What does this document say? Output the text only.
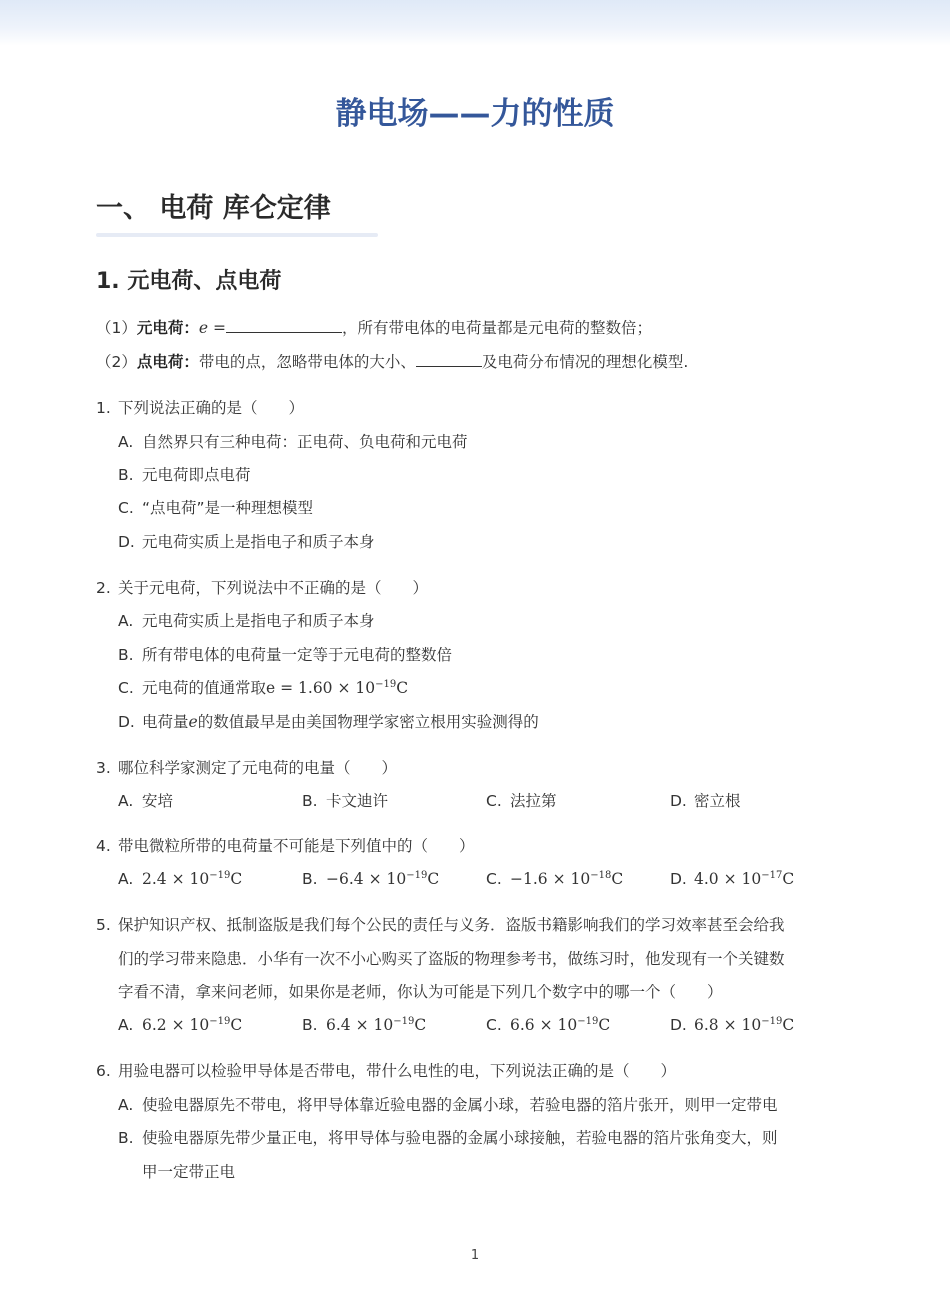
静电场——力的性质
一、 电荷 库仑定律
1. 元电荷、点电荷
（1）元电荷：e =	，所有带电体的电荷量都是元电荷的整数倍；
（2）点电荷：带电的点，忽略带电体的大小、	及电荷分布情况的理想化模型.
1. 下列说法正确的是（　　）
A. 自然界只有三种电荷：正电荷、负电荷和元电荷
B. 元电荷即点电荷
C. “点电荷”是一种理想模型
D. 元电荷实质上是指电子和质子本身
2. 关于元电荷，下列说法中不正确的是（　　）
A. 元电荷实质上是指电子和质子本身
B. 所有带电体的电荷量一定等于元电荷的整数倍
C. 元电荷的值通常取$e = 1.60 \times 10^{-19}C$
D. 电荷量e的数值最早是由美国物理学家密立根用实验测得的
3. 哪位科学家测定了元电荷的电量（　　）
A. 安培	B. 卡文迪许	C. 法拉第	D. 密立根
4. 带电微粒所带的电荷量不可能是下列值中的（　　）
A. $2.4 \times 10^{-19}C$	B. $-6.4 \times 10^{-19}C$	C. $-1.6 \times 10^{-18}C$	D. $4.0 \times 10^{-17}C$
5. 保护知识产权、抵制盗版是我们每个公民的责任与义务．盗版书籍影响我们的学习效率甚至会给我
们的学习带来隐患．小华有一次不小心购买了盗版的物理参考书，做练习时，他发现有一个关键数
字看不清，拿来问老师，如果你是老师，你认为可能是下列几个数字中的哪一个（　　）
A. $6.2 \times 10^{-19}C$	B. $6.4 \times 10^{-19}C$	C. $6.6 \times 10^{-19}C$	D. $6.8 \times 10^{-19}C$
6. 用验电器可以检验甲导体是否带电，带什么电性的电，下列说法正确的是（　　）
A. 使验电器原先不带电，将甲导体靠近验电器的金属小球，若验电器的箔片张开，则甲一定带电
B. 使验电器原先带少量正电，将甲导体与验电器的金属小球接触，若验电器的箔片张角变大，则
甲一定带正电
1
